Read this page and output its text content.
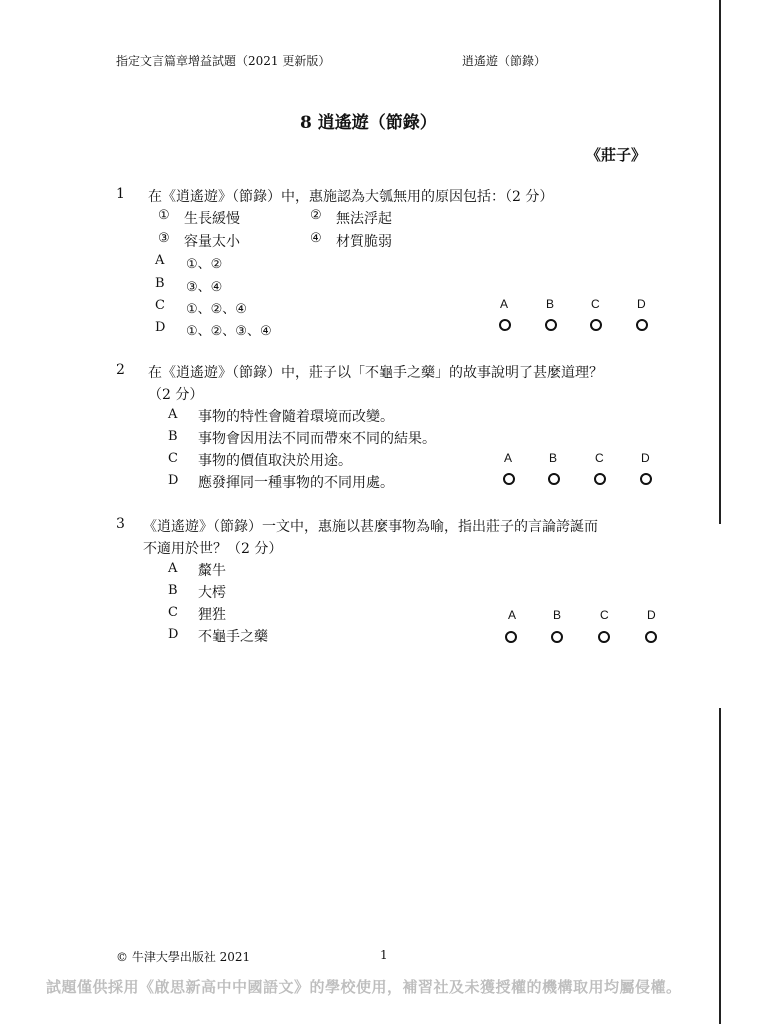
指定文言篇章增益試題（2021 更新版）	逍遙遊（節錄）
8 逍遙遊（節錄）
《莊子》
1 在《逍遙遊》（節錄）中，惠施認為大瓠無用的原因包括：（2 分）
① 生長緩慢	② 無法浮起
③ 容量太小	④ 材質脆弱
A ①、②
B ③、④
C ①、②、④
D ①、②、③、④
A	B	C	D
2 在《逍遙遊》（節錄）中，莊子以「不龜手之藥」的故事說明了甚麼道理？
（2 分）
A 事物的特性會隨着環境而改變。
B 事物會因用法不同而帶來不同的結果。
C 事物的價值取決於用途。
D 應發揮同一種事物的不同用處。
A	B	C	D
3 《逍遙遊》（節錄）一文中，惠施以甚麼事物為喻，指出莊子的言論誇誕而
不適用於世？（2 分）
A 斄牛
B 大樗
C 狸狌
D 不龜手之藥
A	B	C	D
© 牛津大學出版社 2021	1
試題僅供採用《啟思新高中中國語文》的學校使用，補習社及未獲授權的機構取用均屬侵權。
